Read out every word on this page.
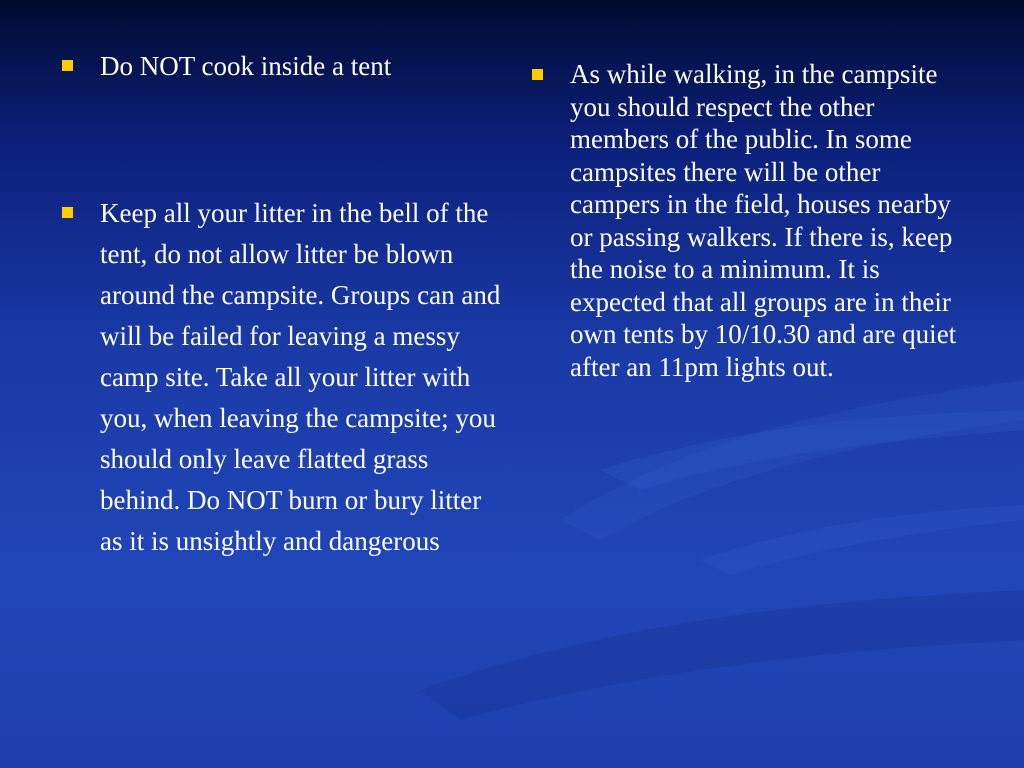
Do NOT cook inside a tent
Keep all your litter in the bell of the tent, do not allow litter be blown around the campsite. Groups can and will be failed for leaving a messy camp site. Take all your litter with you, when leaving the campsite; you should only leave flatted grass behind. Do NOT burn or bury litter as it is unsightly and dangerous
As while walking, in the campsite you should respect the other members of the public. In some campsites there will be other campers in the field, houses nearby or passing walkers. If there is, keep the noise to a minimum. It is expected that all groups are in their own tents by 10/10.30 and are quiet after an 11pm lights out.
